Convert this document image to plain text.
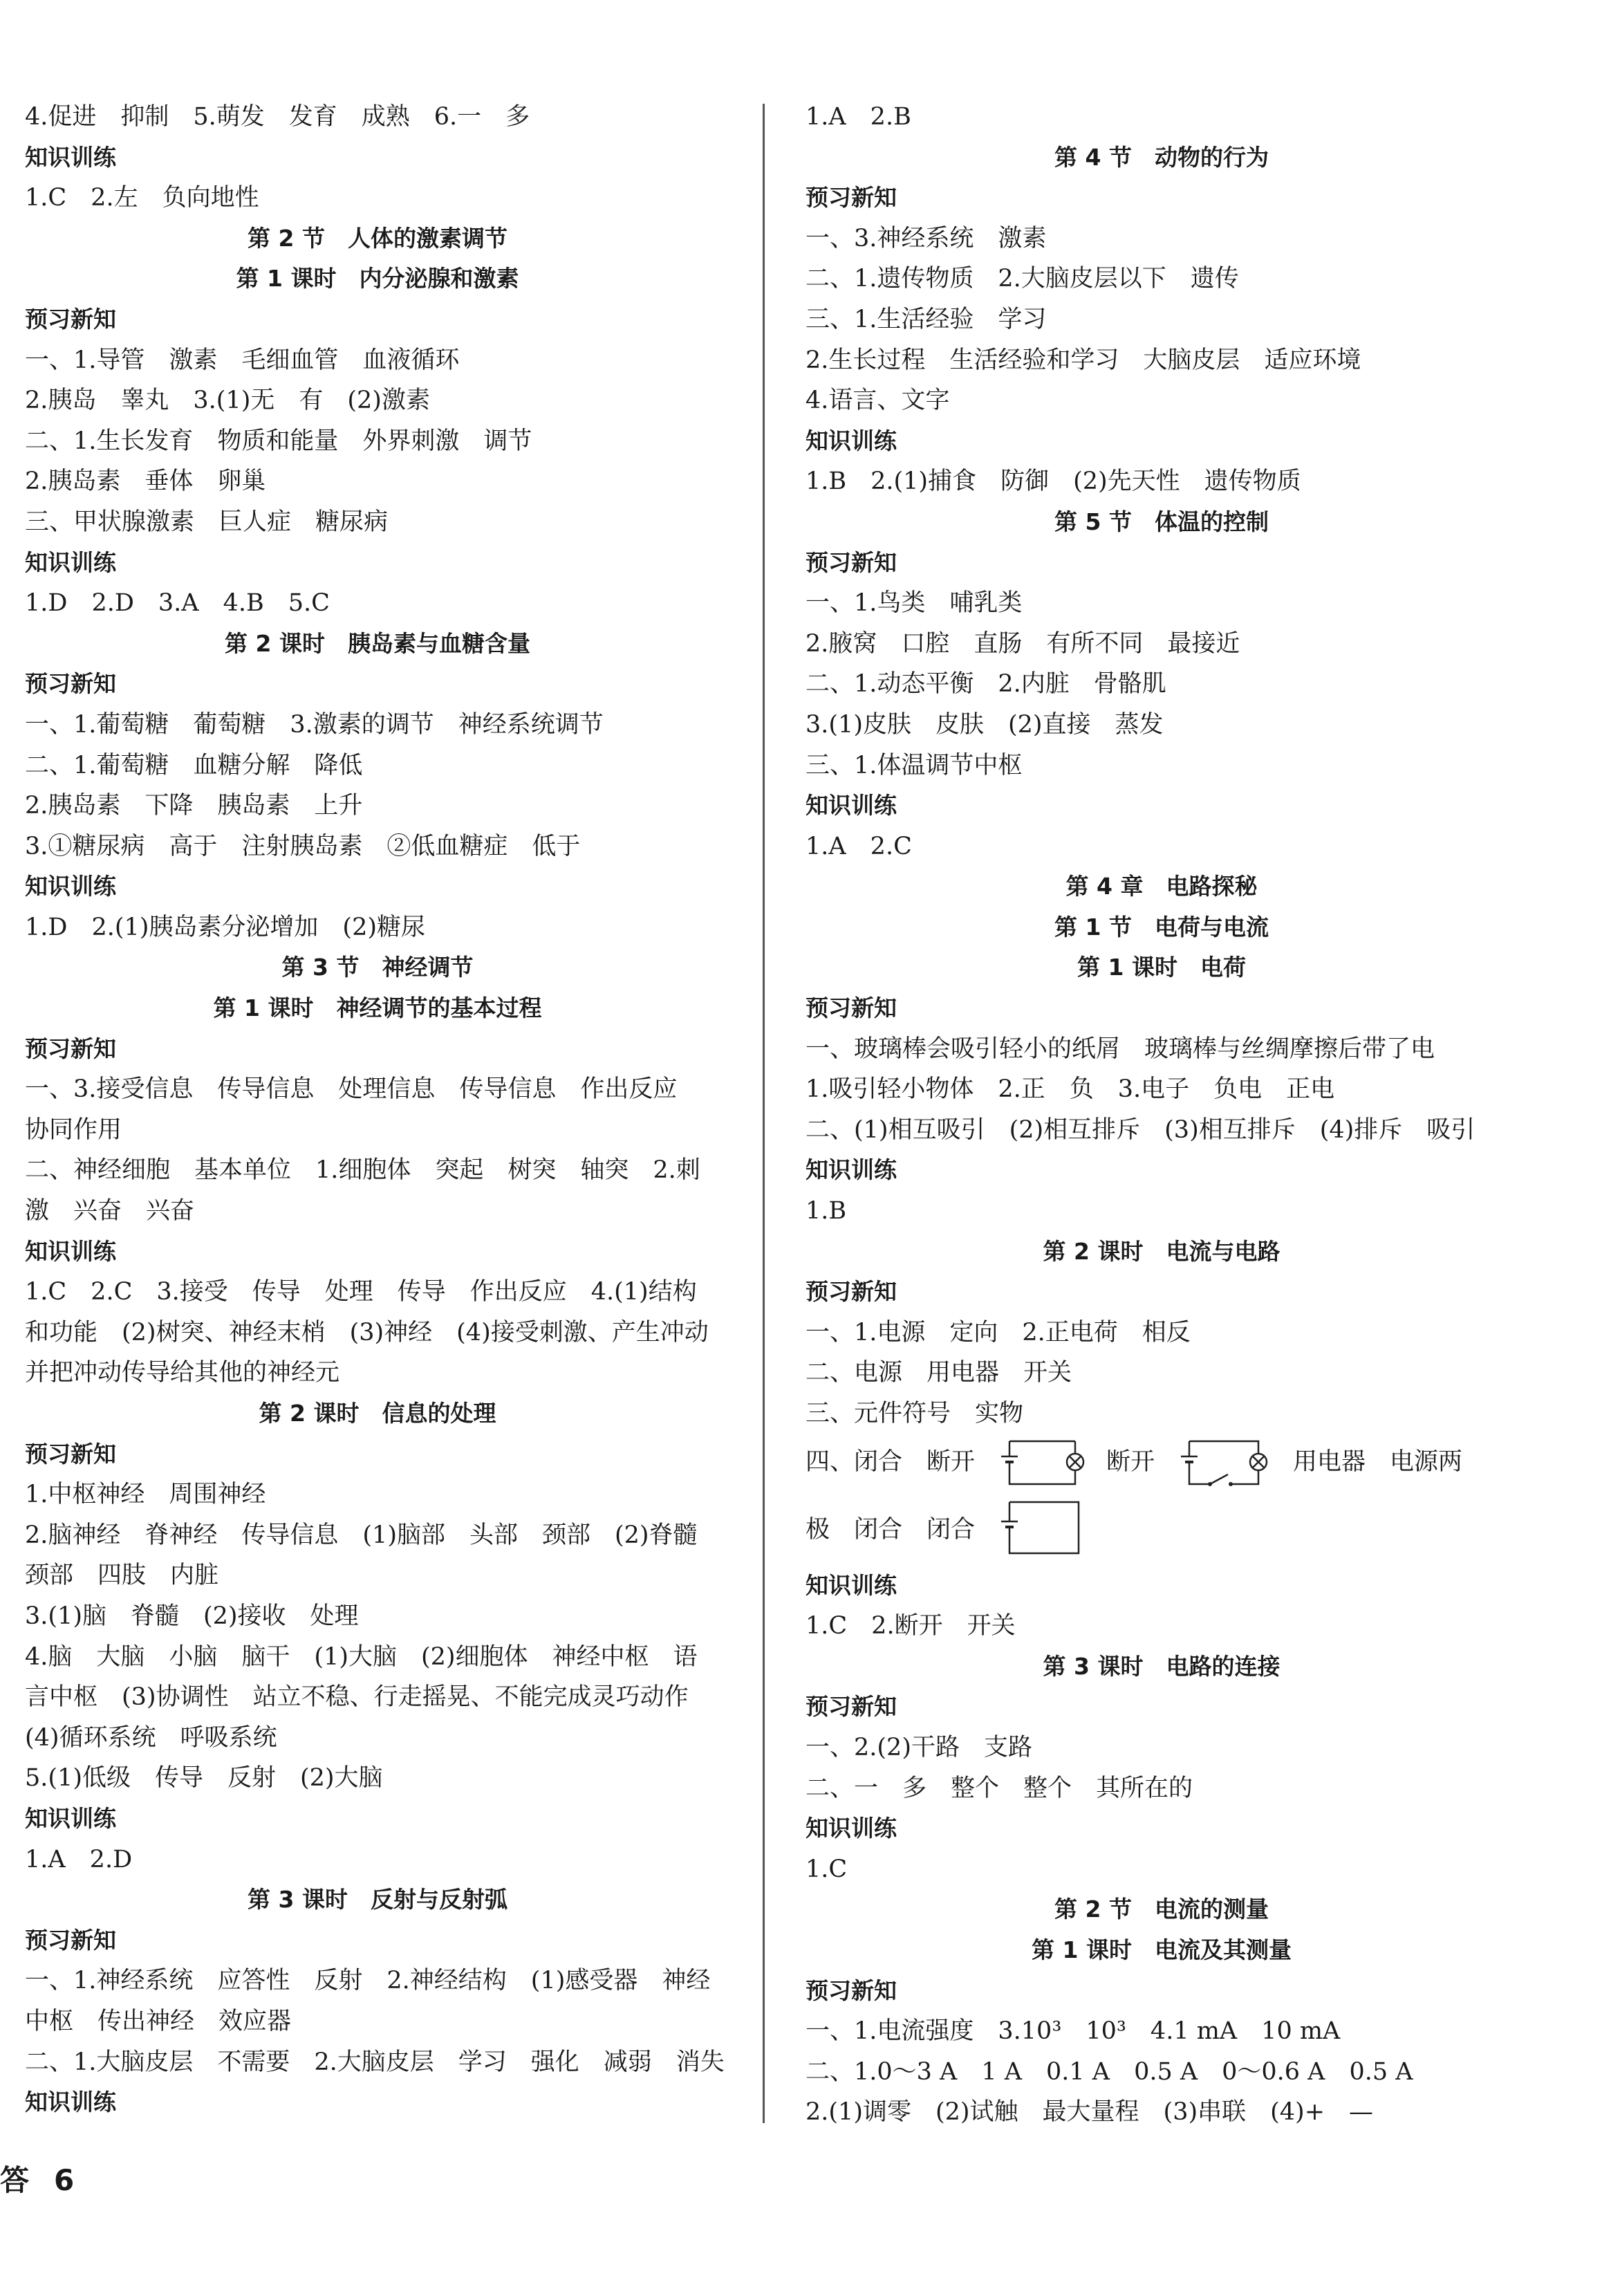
4.促进　抑制　5.萌发　发育　成熟　6.一　多
知识训练
1.C　2.左　负向地性
第 2 节　人体的激素调节
第 1 课时　内分泌腺和激素
预习新知
一、1.导管　激素　毛细血管　血液循环
2.胰岛　睾丸　3.(1)无　有　(2)激素
二、1.生长发育　物质和能量　外界刺激　调节
2.胰岛素　垂体　卵巢
三、甲状腺激素　巨人症　糖尿病
知识训练
1.D　2.D　3.A　4.B　5.C
第 2 课时　胰岛素与血糖含量
预习新知
一、1.葡萄糖　葡萄糖　3.激素的调节　神经系统调节
二、1.葡萄糖　血糖分解　降低
2.胰岛素　下降　胰岛素　上升
3.①糖尿病　高于　注射胰岛素　②低血糖症　低于
知识训练
1.D　2.(1)胰岛素分泌增加　(2)糖尿
第 3 节　神经调节
第 1 课时　神经调节的基本过程
预习新知
一、3.接受信息　传导信息　处理信息　传导信息　作出反应
协同作用
二、神经细胞　基本单位　1.细胞体　突起　树突　轴突　2.刺
激　兴奋　兴奋
知识训练
1.C　2.C　3.接受　传导　处理　传导　作出反应　4.(1)结构
和功能　(2)树突、神经末梢　(3)神经　(4)接受刺激、产生冲动
并把冲动传导给其他的神经元
第 2 课时　信息的处理
预习新知
1.中枢神经　周围神经
2.脑神经　脊神经　传导信息　(1)脑部　头部　颈部　(2)脊髓
颈部　四肢　内脏
3.(1)脑　脊髓　(2)接收　处理
4.脑　大脑　小脑　脑干　(1)大脑　(2)细胞体　神经中枢　语
言中枢　(3)协调性　站立不稳、行走摇晃、不能完成灵巧动作
(4)循环系统　呼吸系统
5.(1)低级　传导　反射　(2)大脑
知识训练
1.A　2.D
第 3 课时　反射与反射弧
预习新知
一、1.神经系统　应答性　反射　2.神经结构　(1)感受器　神经
中枢　传出神经　效应器
二、1.大脑皮层　不需要　2.大脑皮层　学习　强化　减弱　消失
知识训练
1.A　2.B
第 4 节　动物的行为
预习新知
一、3.神经系统　激素
二、1.遗传物质　2.大脑皮层以下　遗传
三、1.生活经验　学习
2.生长过程　生活经验和学习　大脑皮层　适应环境
4.语言、文字
知识训练
1.B　2.(1)捕食　防御　(2)先天性　遗传物质
第 5 节　体温的控制
预习新知
一、1.鸟类　哺乳类
2.腋窝　口腔　直肠　有所不同　最接近
二、1.动态平衡　2.内脏　骨骼肌
3.(1)皮肤　皮肤　(2)直接　蒸发
三、1.体温调节中枢
知识训练
1.A　2.C
第 4 章　电路探秘
第 1 节　电荷与电流
第 1 课时　电荷
预习新知
一、玻璃棒会吸引轻小的纸屑　玻璃棒与丝绸摩擦后带了电
1.吸引轻小物体　2.正　负　3.电子　负电　正电
二、(1)相互吸引　(2)相互排斥　(3)相互排斥　(4)排斥　吸引
知识训练
1.B
第 2 课时　电流与电路
预习新知
一、1.电源　定向　2.正电荷　相反
二、电源　用电器　开关
三、元件符号　实物
四、闭合　断开	断开	用电器　电源两
极　闭合　闭合
知识训练
1.C　2.断开　开关
第 3 课时　电路的连接
预习新知
一、2.(2)干路　支路
二、一　多　整个　整个　其所在的
知识训练
1.C
第 2 节　电流的测量
第 1 课时　电流及其测量
预习新知
一、1.电流强度　3.10³　10³　4.1 mA　10 mA
二、1.0～3 A　1 A　0.1 A　0.5 A　0～0.6 A　0.5 A
2.(1)调零　(2)试触　最大量程　(3)串联　(4)+　—
答 6
